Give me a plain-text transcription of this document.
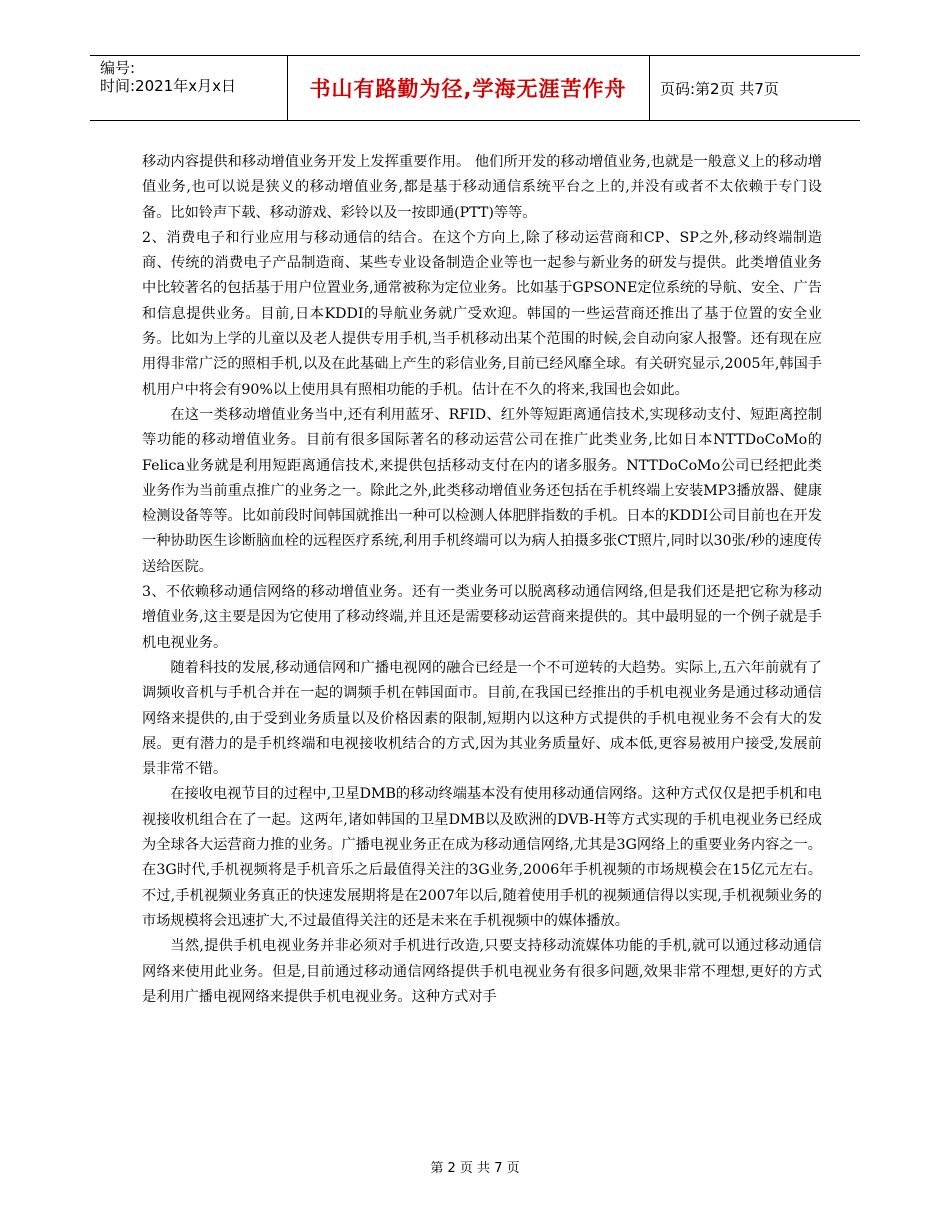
编号:
时间:2021年x月x日	书山有路勤为径,学海无涯苦作舟	页码:第2页 共7页

移动内容提供和移动增值业务开发上发挥重要作用。 他们所开发的移动增值业务,也就是一般意义上的移动增值业务,也可以说是狭义的移动增值业务,都是基于移动通信系统平台之上的,并没有或者不太依赖于专门设备。比如铃声下载、移动游戏、彩铃以及一按即通(PTT)等等。

2、消费电子和行业应用与移动通信的结合。在这个方向上,除了移动运营商和CP、SP之外,移动终端制造商、传统的消费电子产品制造商、某些专业设备制造企业等也一起参与新业务的研发与提供。此类增值业务中比较著名的包括基于用户位置业务,通常被称为定位业务。比如基于GPSONE定位系统的导航、安全、广告和信息提供业务。目前,日本KDDI的导航业务就广受欢迎。韩国的一些运营商还推出了基于位置的安全业务。比如为上学的儿童以及老人提供专用手机,当手机移动出某个范围的时候,会自动向家人报警。还有现在应用得非常广泛的照相手机,以及在此基础上产生的彩信业务,目前已经风靡全球。有关研究显示,2005年,韩国手机用户中将会有90%以上使用具有照相功能的手机。估计在不久的将来,我国也会如此。

在这一类移动增值业务当中,还有利用蓝牙、RFID、红外等短距离通信技术,实现移动支付、短距离控制等功能的移动增值业务。目前有很多国际著名的移动运营公司在推广此类业务,比如日本NTTDoCoMo的Felica业务就是利用短距离通信技术,来提供包括移动支付在内的诸多服务。NTTDoCoMo公司已经把此类业务作为当前重点推广的业务之一。除此之外,此类移动增值业务还包括在手机终端上安装MP3播放器、健康检测设备等等。比如前段时间韩国就推出一种可以检测人体肥胖指数的手机。日本的KDDI公司目前也在开发一种协助医生诊断脑血栓的远程医疗系统,利用手机终端可以为病人拍摄多张CT照片,同时以30张/秒的速度传送给医院。

3、不依赖移动通信网络的移动增值业务。还有一类业务可以脱离移动通信网络,但是我们还是把它称为移动增值业务,这主要是因为它使用了移动终端,并且还是需要移动运营商来提供的。其中最明显的一个例子就是手机电视业务。

随着科技的发展,移动通信网和广播电视网的融合已经是一个不可逆转的大趋势。实际上,五六年前就有了调频收音机与手机合并在一起的调频手机在韩国面市。目前,在我国已经推出的手机电视业务是通过移动通信网络来提供的,由于受到业务质量以及价格因素的限制,短期内以这种方式提供的手机电视业务不会有大的发展。更有潜力的是手机终端和电视接收机结合的方式,因为其业务质量好、成本低,更容易被用户接受,发展前景非常不错。

在接收电视节目的过程中,卫星DMB的移动终端基本没有使用移动通信网络。这种方式仅仅是把手机和电视接收机组合在了一起。这两年,诸如韩国的卫星DMB以及欧洲的DVB-H等方式实现的手机电视业务已经成为全球各大运营商力推的业务。广播电视业务正在成为移动通信网络,尤其是3G网络上的重要业务内容之一。在3G时代,手机视频将是手机音乐之后最值得关注的3G业务,2006年手机视频的市场规模会在15亿元左右。不过,手机视频业务真正的快速发展期将是在2007年以后,随着使用手机的视频通信得以实现,手机视频业务的市场规模将会迅速扩大,不过最值得关注的还是未来在手机视频中的媒体播放。

当然,提供手机电视业务并非必须对手机进行改造,只要支持移动流媒体功能的手机,就可以通过移动通信网络来使用此业务。但是,目前通过移动通信网络提供手机电视业务有很多问题,效果非常不理想,更好的方式是利用广播电视网络来提供手机电视业务。这种方式对手

第 2 页 共 7 页
